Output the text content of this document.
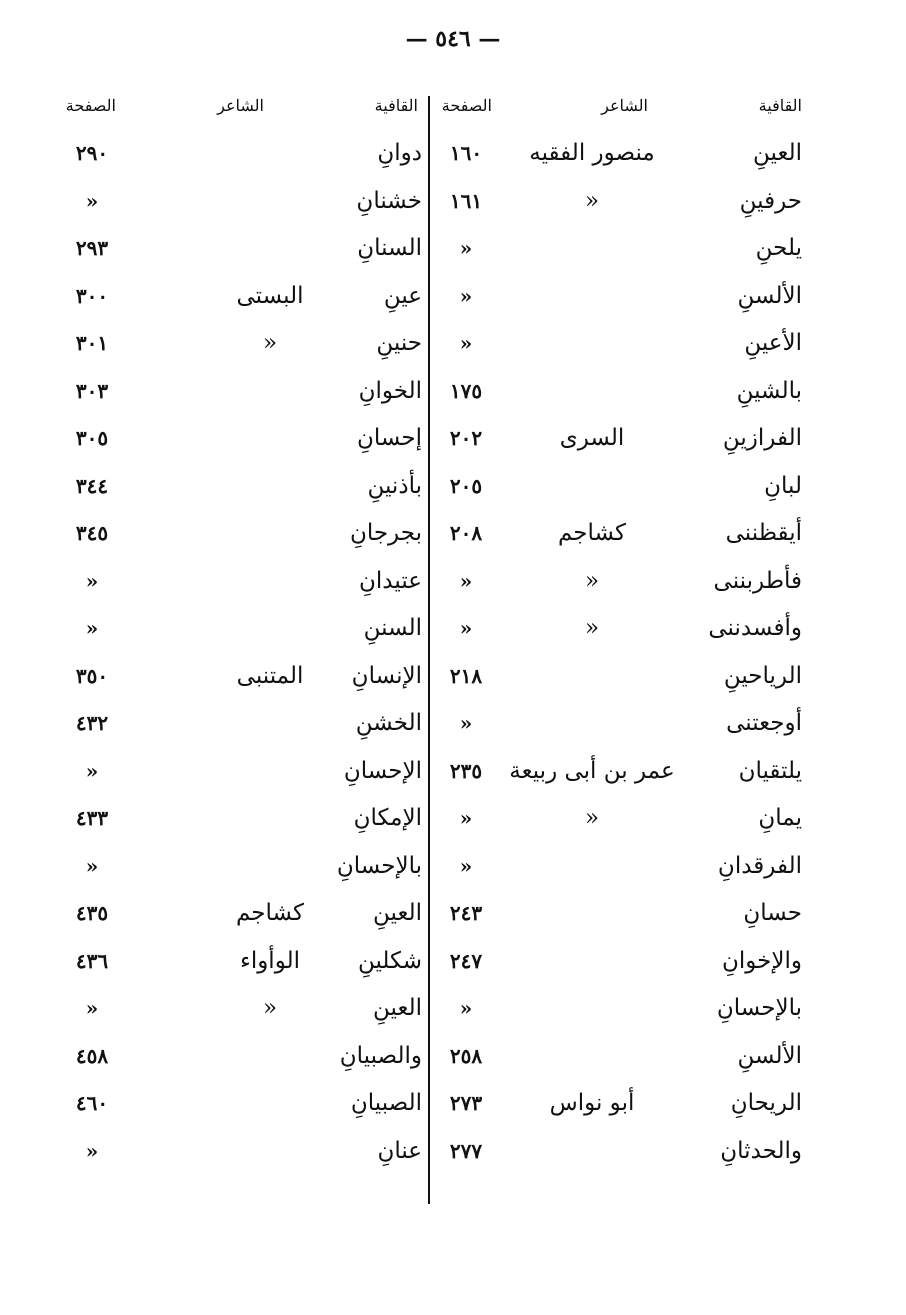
— ٥٤٦ —
القافية
الشاعر
الصفحة
القافية
الشاعر
الصفحة
العينِ
منصور الفقيه
١٦٠
حرفينِ
»
١٦١
يلحنِ
»
الألسنِ
»
الأعينِ
»
بالشينِ
١٧٥
الفرازينِ
السرى
٢٠٢
لبانِ
٢٠٥
أيقظننى
كشاجم
٢٠٨
فأطربننى
»
»
وأفسدننى
»
»
الرياحينِ
٢١٨
أوجعتنى
»
يلتقيان
عمر بن أبى ربيعة
٢٣٥
يمانِ
»
»
الفرقدانِ
»
حسانِ
٢٤٣
والإخوانِ
٢٤٧
بالإحسانِ
»
الألسنِ
٢٥٨
الريحانِ
أبو نواس
٢٧٣
والحدثانِ
٢٧٧
دوانِ
٢٩٠
خشنانِ
»
السنانِ
٢٩٣
عينِ
البستى
٣٠٠
حنينِ
»
٣٠١
الخوانِ
٣٠٣
إحسانِ
٣٠٥
بأذنينِ
٣٤٤
بجرجانِ
٣٤٥
عتيدانِ
»
السننِ
»
الإنسانِ
المتنبى
٣٥٠
الخشنِ
٤٣٢
الإحسانِ
»
الإمكانِ
٤٣٣
بالإحسانِ
»
العينِ
كشاجم
٤٣٥
شكلينِ
الوأواء
٤٣٦
العينِ
»
»
والصبيانِ
٤٥٨
الصبيانِ
٤٦٠
عنانِ
»
